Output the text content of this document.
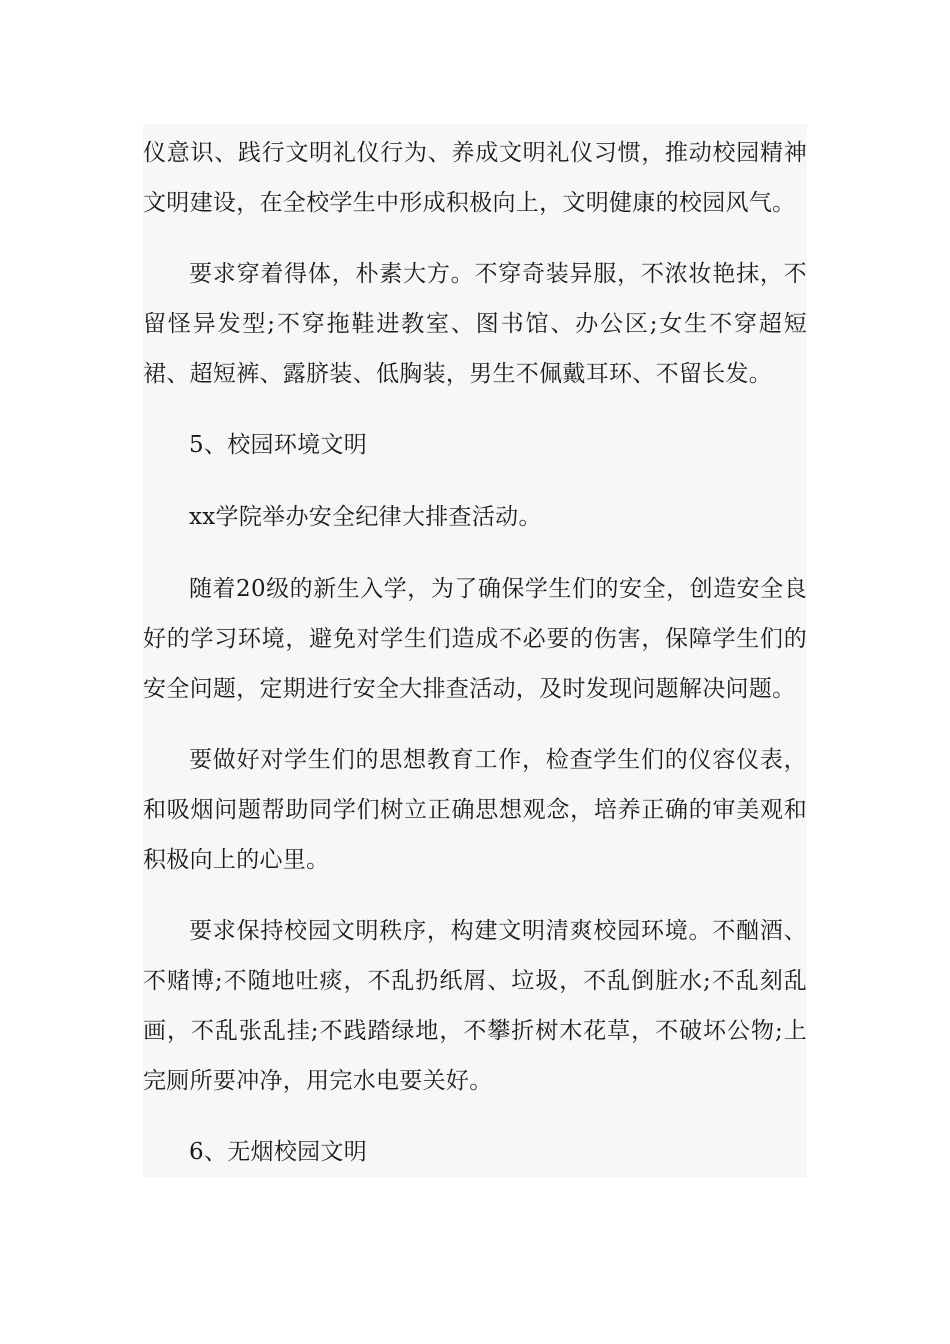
仪意识、践行文明礼仪行为、养成文明礼仪习惯，推动校园精神文明建设，在全校学生中形成积极向上，文明健康的校园风气。

要求穿着得体，朴素大方。不穿奇装异服，不浓妆艳抹，不留怪异发型;不穿拖鞋进教室、图书馆、办公区;女生不穿超短裙、超短裤、露脐装、低胸装，男生不佩戴耳环、不留长发。

5、校园环境文明

xx学院举办安全纪律大排查活动。

随着20级的新生入学，为了确保学生们的安全，创造安全良好的学习环境，避免对学生们造成不必要的伤害，保障学生们的安全问题，定期进行安全大排查活动，及时发现问题解决问题。

要做好对学生们的思想教育工作，检查学生们的仪容仪表，和吸烟问题帮助同学们树立正确思想观念，培养正确的审美观和积极向上的心里。

要求保持校园文明秩序，构建文明清爽校园环境。不酗酒、不赌博;不随地吐痰，不乱扔纸屑、垃圾，不乱倒脏水;不乱刻乱画，不乱张乱挂;不践踏绿地，不攀折树木花草，不破坏公物;上完厕所要冲净，用完水电要关好。

6、无烟校园文明
